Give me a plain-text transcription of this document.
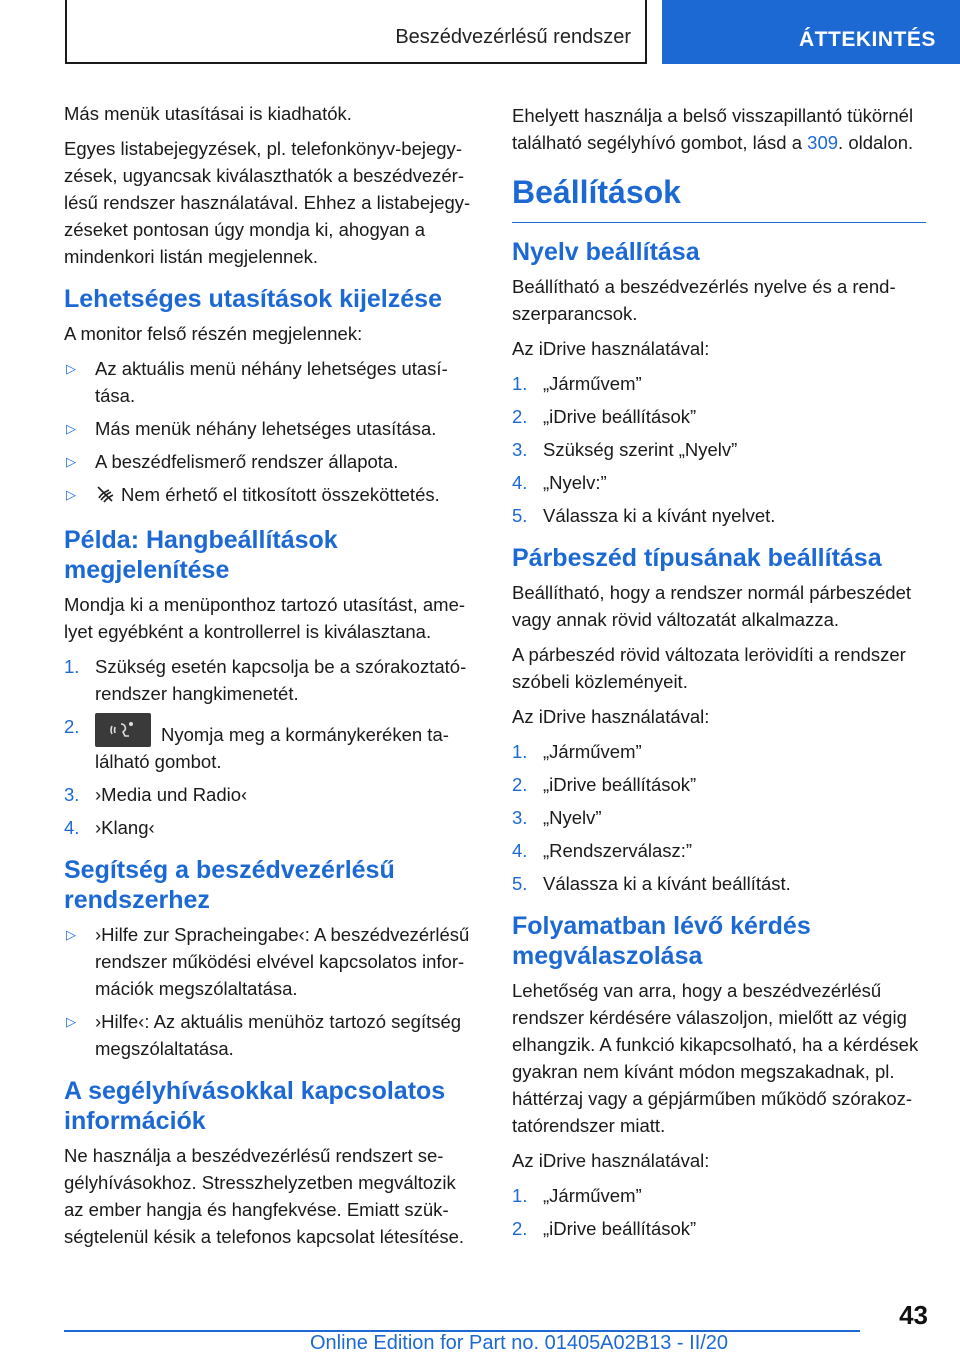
Beszédvezérlésű rendszer	ÁTTEKINTÉS

Más menük utasításai is kiadhatók.

Egyes listabejegyzések, pl. telefonkönyv-bejegyzések, ugyancsak kiválaszthatók a beszédvezérlésű rendszer használatával. Ehhez a listabejegyzéseket pontosan úgy mondja ki, ahogyan a mindenkori listán megjelennek.

Lehetséges utasítások kijelzése

A monitor felső részén megjelennek:

▷ Az aktuális menü néhány lehetséges utasítása.
▷ Más menük néhány lehetséges utasítása.
▷ A beszédfelismerő rendszer állapota.
▷ Nem érhető el titkosított összeköttetés.
Példa: Hangbeállítások megjelenítése

Mondja ki a menüponthoz tartozó utasítást, amelyet egyébként a kontrollerrel is kiválasztana.

1. Szükség esetén kapcsolja be a szórakoztatórendszer hangkimenetét.
2.	Nyomja meg a kormánykeréken található gombot.
3. ›Media und Radio‹
4. ›Klang‹
Segítség a beszédvezérlésű rendszerhez
▷ ›Hilfe zur Spracheingabe‹: A beszédvezérlésű rendszer működési elvével kapcsolatos információk megszólaltatása.
▷ ›Hilfe‹: Az aktuális menühöz tartozó segítség megszólaltatása.
A segélyhívásokkal kapcsolatos információk

Ne használja a beszédvezérlésű rendszert segélyhívásokhoz. Stresszhelyzetben megváltozik az ember hangja és hangfekvése. Emiatt szükségtelenül késik a telefonos kapcsolat létesítése.

Ehelyett használja a belső visszapillantó tükörnél található segélyhívó gombot, lásd a 309. oldalon.

Beállítások
Nyelv beállítása

Beállítható a beszédvezérlés nyelve és a rendszerparancsok.

Az iDrive használatával:

1. „Járművem”
2. „iDrive beállítások”
3. Szükség szerint „Nyelv”
4. „Nyelv:”
5. Válassza ki a kívánt nyelvet.
Párbeszéd típusának beállítása

Beállítható, hogy a rendszer normál párbeszédet vagy annak rövid változatát alkalmazza.

A párbeszéd rövid változata lerövidíti a rendszer szóbeli közleményeit.

Az iDrive használatával:

1. „Járművem”
2. „iDrive beállítások”
3. „Nyelv”
4. „Rendszerválasz:”
5. Válassza ki a kívánt beállítást.
Folyamatban lévő kérdés megválaszolása

Lehetőség van arra, hogy a beszédvezérlésű rendszer kérdésére válaszoljon, mielőtt az végig elhangzik. A funkció kikapcsolható, ha a kérdések gyakran nem kívánt módon megszakadnak, pl. háttérzaj vagy a gépjárműben működő szórakoztatórendszer miatt.

Az iDrive használatával:

1. „Járművem”
2. „iDrive beállítások”
43
Online Edition for Part no. 01405A02B13 - II/20
